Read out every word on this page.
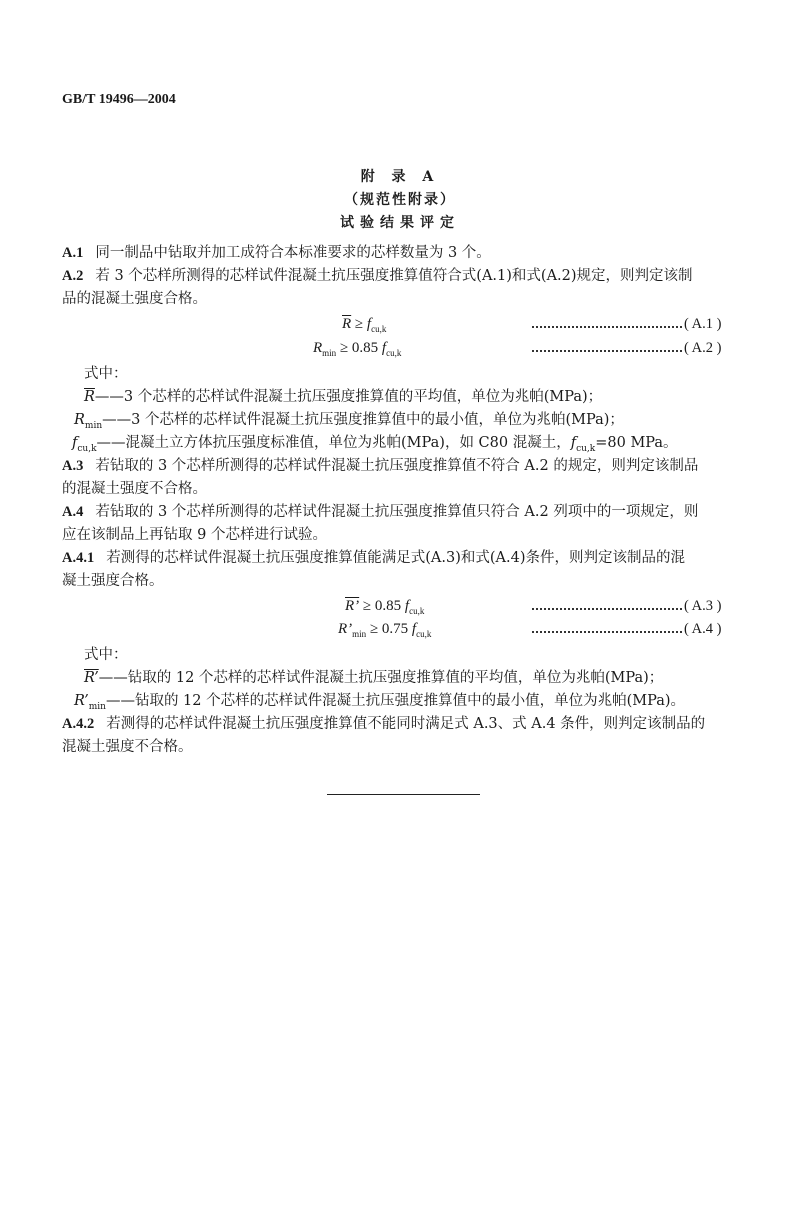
GB/T 19496—2004
附 录 A
（规范性附录）
试验结果评定
A.1 同一制品中钻取并加工成符合本标准要求的芯样数量为 3 个。
A.2 若 3 个芯样所测得的芯样试件混凝土抗压强度推算值符合式(A.1)和式(A.2)规定，则判定该制
品的混凝土强度合格。
$\overline{R} \ge f_{cu,k}$	( A.1 )
$R_{min} \ge 0.85$ $f_{cu,k}$	( A.2 )
式中：
$\overline{R}——3$ 个芯样的芯样试件混凝土抗压强度推算值的平均值，单位为兆帕(MPa)；
$R_{min}——3$ 个芯样的芯样试件混凝土抗压强度推算值中的最小值，单位为兆帕(MPa)；
$f_{cu,k}——$混凝土立方体抗压强度标准值，单位为兆帕(MPa)，如 C80 混凝土，$f_{cu,k}=80$ MPa。
A.3 若钻取的 3 个芯样所测得的芯样试件混凝土抗压强度推算值不符合 A.2 的规定，则判定该制品
的混凝土强度不合格。
A.4 若钻取的 3 个芯样所测得的芯样试件混凝土抗压强度推算值只符合 A.2 列项中的一项规定，则
应在该制品上再钻取 9 个芯样进行试验。
A.4.1 若测得的芯样试件混凝土抗压强度推算值能满足式(A.3)和式(A.4)条件，则判定该制品的混
凝土强度合格。
R’ ≥ 0.85 $f_{cu,k}$	( A.3 )
$R’_{min} \ge 0.75$ $f_{cu,k}$	( A.4 )
式中：
R’——钻取的 12 个芯样的芯样试件混凝土抗压强度推算值的平均值，单位为兆帕(MPa)；
$R’_{min}——$钻取的 12 个芯样的芯样试件混凝土抗压强度推算值中的最小值，单位为兆帕(MPa)。
A.4.2 若测得的芯样试件混凝土抗压强度推算值不能同时满足式 A.3、式 A.4 条件，则判定该制品的
混凝土强度不合格。
